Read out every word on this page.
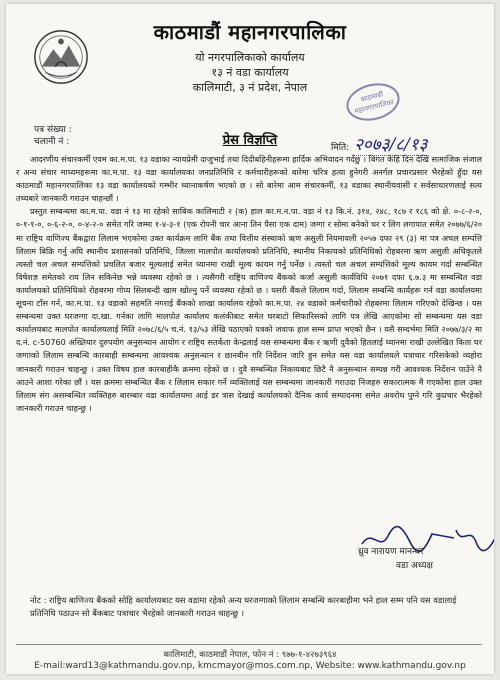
काठमाडौं महानगरपालिका
यो नगरपालिकाको कार्यालय
१३ नं वडा कार्यालय
कालिमाटी, ३ नं प्रदेश, नेपाल
काठमाडौं महानगरपालिका
पत्र संख्या :
चलानी नं :	प्रेस विज्ञप्ति	मिति: २०७३/८/१३

आदरणीय संचारकर्मी एवम का.म.पा. १३ वडाका न्यायप्रेमी दाजुभाई तथा दिदीबहिनीहरूमा हार्दिक अभिवादन गर्दछु । बिगत केहि दिन देखि सामाजिक संजाल र अन्य संचार माध्यमहरूमा का.म.पा. १३ वडा कार्यालयका जनप्रतिनिधि र कर्मचारीहरूको बारेमा चरित्र हत्या हुनेगरी अनर्गल प्रचारप्रसार भैरहेको हुँदा यस काठमाडौं महानगरपालिका १३ वडा कार्यालयको गम्भीर ध्यानाकर्षण भएको छ । सो बारेमा आम संचारकर्मी, १३ वडाका स्थानीयवासी र सर्वसाधारणलाई सत्य तथ्यबारे जानकारी गराउन चाहन्छौं ।

प्रस्तुत सम्बन्धमा का.म.पा. वडा नं १३ मा रहेको साबिक कालिमाटी २ (क) हाल का.म.न.पा. वडा नं १३ कि.नं. ३१४, २४८, १८७ र १८६ को क्षे. ०-८-२-०, ०-१-१-०, ०-६-२-०, ०-४-२-० समेत गरि जम्मा १-४-३-१ (एक रोपनी चार आना तिन पैसा एक दाम) जग्गा र सोमा बनेको घर र लिग लगापात समेत २०७७/६/२० मा राष्ट्रिय वाणिज्य बैंकद्वारा लिलाम भएकोमा उक्त कार्यक्रम लागि बैंक तथा वित्तीय संस्थाको ऋण असुली नियमावली २०५७ दफा २९ (३) मा पत्र अचल सम्पत्ति लिलाम बिक्रि गर्नु अघि स्थानीय प्रशासनको प्रतिनिधि, जिल्ला मालपोत कार्यालयको प्रतिनिधि, स्थानीय निकायको प्रतिनिधिको रोहबरमा ऋण असुली अधिकृतले त्यस्तो चल अचल सम्पत्तिको प्रचलित बजार मूल्यलाई समेत ध्यानमा राखी मूल्य कायम गर्नु पर्नेछ । त्यस्तो चल अचल सम्पत्तिको मूल्य कायम गर्दा सम्बन्धित विषेशज्ञ समेतको राय लिन सकिनेछ भन्ने व्यवस्था रहेको छ । त्यसैगरी राष्ट्रिय वाणिज्य बैंकको कर्जा असुली कार्यविधि २०७१ दफा ६.७.३ मा सम्बन्धित वडा कार्यालयको प्रतिनिधिको रोहबरमा गोप्य सिलबन्दी खाम खोल्नु पर्ने व्यवस्था रहेको छ । यसरी बैंकले लिलाम गर्दा, लिलाम सम्बन्धि कार्यहरू गर्न वडा कार्यालयमा सूचना टाँस गर्न, का.म.पा. १३ वडाको सहमति नगराई बैंकको शाखा कार्यालय रहेको का.म.पा. २४ वडाको कर्मचारीको रोहबरमा लिलाम गरिएको देखिन्छ । यस सम्बन्धमा उक्त घरजग्गा दा.खा. गर्नका लागि मालपोत कार्यालय कलंकीबाट समेत घरबाटो सिफारिसको लागि पत्र लेखि आएकोमा सो सम्बन्धमा यस वडा कार्यालयबाट मालपोत कार्यालयलाई मिति २०७८/६/५ च.नं. १३/५३ लेखि पठाएको पत्रको जवाफ हाल सम्म प्राप्त भएको छैन । यसै सम्दर्भमा मिति २०७७/३/२ मा द.नं. c-50760 अख्तियार दुरुपयोग अनुसन्धान आयोग र राष्ट्रिय सतर्कता केन्द्रलाई यस सम्बन्धमा बैंक र ऋणी दुवैको हितलाई ध्यानमा राखी उल्लेखित किता घर जग्गाको लिलाम सम्बन्धि कारबाही सम्बन्धमा आवश्यक अनुसन्धान र छानबीन गरि निर्देशन जारि हुन समेत यस वडा कार्यालयले पत्राचार गरिसकेको व्यहोरा जानकारी गराउन चाहन्छु । उक्त विषय हाल कारबाहीकै क्रममा रहेको छ । दुवै सम्बन्धित निकायबाट छिटै नै अनुसन्धान सम्पन्न गरी आवश्यक निर्देशन पाउँने नै आउने आशा गरेका छौं । यस क्रममा सम्बन्धित बैंक र लिलाम सकार गर्ने व्यक्तिलाई यस सम्बन्धमा जानकारी गराउदा निजहरु सकारात्मक मै गएकोमा हाल उक्त लिलाम संग असम्बन्धित व्यक्तिहरु बारम्बार वडा कार्यालयमा आई डर त्रास देखाई कार्यालयको दैनिक कार्य सम्पादनमा समेत अवरोध पुग्ने गरि कुप्रचार भैरहेको जानकारी गराउन चाहन्छु ।

ध्रुव नारायण मानन्धर
वडा अध्यक्ष
नोट : राष्ट्रिय बाणिज्य बैंकको सोहि कार्यालयबाट यस वडामा रहेको अन्य घरजग्गाको लिलाम सम्बन्धि कारबाहीमा भने हाल सम्म पनि यस वडालाई प्रतिनिधि पठाउन सो बैंकबाट पत्राचार भैरहेको जानकारी गराउन चाहन्छु ।
कालिमाटी, काठमाडौं नेपाल, फोन नं : ९७७-१-४२७३९६४
E-mail:ward13@kathmandu.gov.np, kmcmayor@mos.com.np, Website: www.kathmandu.gov.np
